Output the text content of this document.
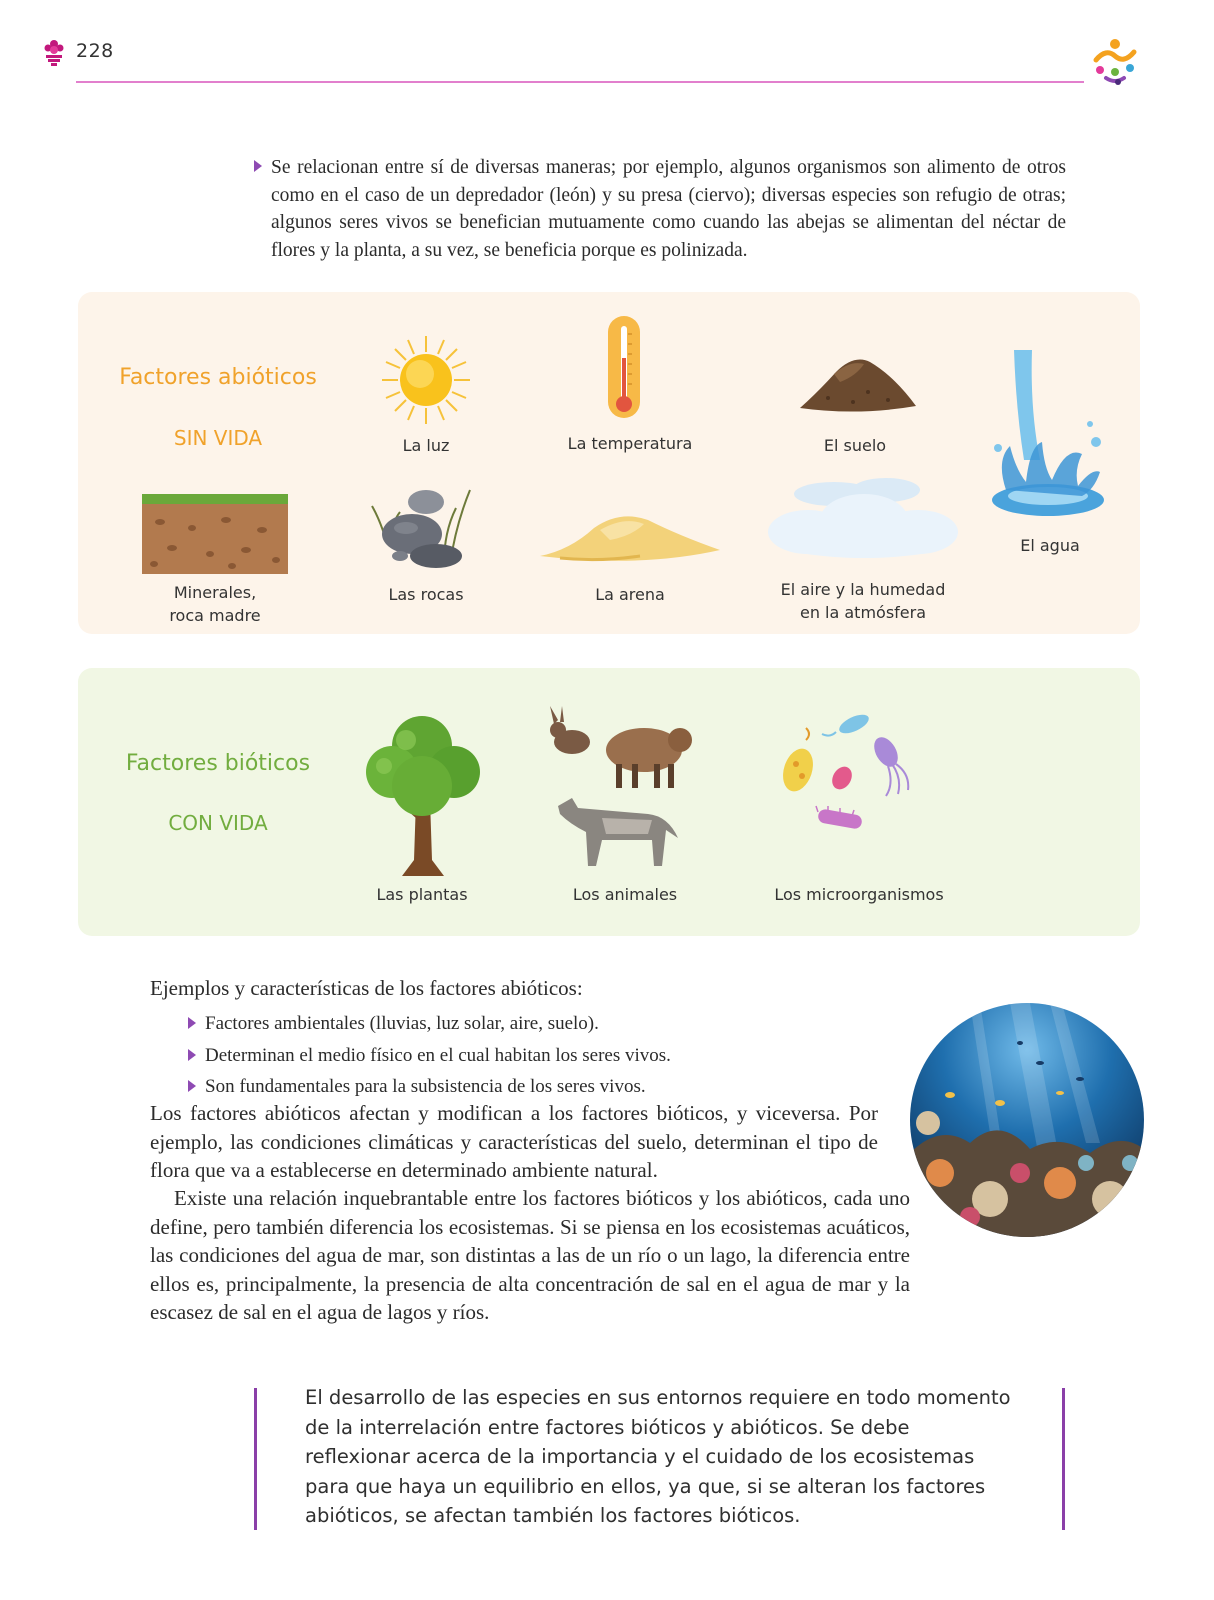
228
Se relacionan entre sí de diversas maneras; por ejemplo, algunos organismos son alimento de otros como en el caso de un depredador (león) y su presa (ciervo); diversas especies son refugio de otras; algunos seres vivos se benefician mutuamente como cuando las abejas se alimentan del néctar de flores y la planta, a su vez, se beneficia porque es polinizada.
Factores abióticos
SIN VIDA	La luz	La temperatura	El suelo
El agua
Minerales,
roca madre
Las rocas	La arena	El aire y la humedad
en la atmósfera
Factores bióticos
CON VIDA
Las plantas	Los animales	Los microorganismos
Ejemplos y características de los factores abióticos:
Factores ambientales (lluvias, luz solar, aire, suelo).
Determinan el medio físico en el cual habitan los seres vivos.
Son fundamentales para la subsistencia de los seres vivos.

Los factores abióticos afectan y modifican a los factores bióticos, y viceversa. Por ejemplo, las condiciones climáticas y características del suelo, determinan el tipo de flora que va a establecerse en determinado ambiente natural.

Existe una relación inquebrantable entre los factores bióticos y los abióticos, cada uno define, pero también diferencia los ecosistemas. Si se piensa en los ecosistemas acuáticos, las condiciones del agua de mar, son distintas a las de un río o un lago, la diferencia entre ellos es, principalmente, la presencia de alta concentración de sal en el agua de mar y la escasez de sal en el agua de lagos y ríos.

El desarrollo de las especies en sus entornos requiere en todo momento de la interrelación entre factores bióticos y abióticos. Se debe reflexionar acerca de la importancia y el cuidado de los ecosistemas para que haya un equilibrio en ellos, ya que, si se alteran los factores abióticos, se afectan también los factores bióticos.
